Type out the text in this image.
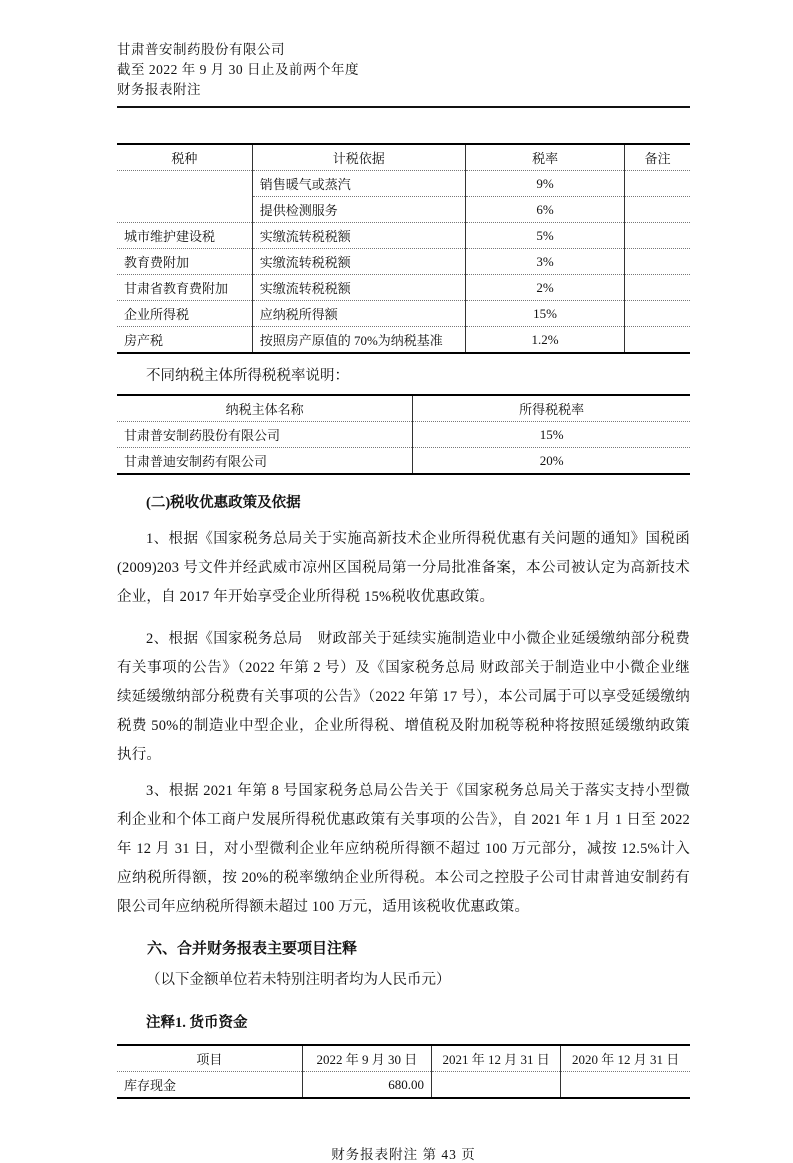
甘肃普安制药股份有限公司
截至 2022 年 9 月 30 日止及前两个年度
财务报表附注
税种	计税依据	税率	备注
	销售暖气或蒸汽	9%	
	提供检测服务	6%	
城市维护建设税	实缴流转税税额	5%	
教育费附加	实缴流转税税额	3%	
甘肃省教育费附加	实缴流转税税额	2%	
企业所得税	应纳税所得额	15%	
房产税	按照房产原值的 70%为纳税基准	1.2%	

不同纳税主体所得税税率说明：

纳税主体名称	所得税税率
甘肃普安制药股份有限公司	15%
甘肃普迪安制药有限公司	20%
(二)税收优惠政策及依据

1、根据《国家税务总局关于实施高新技术企业所得税优惠有关问题的通知》国税函(2009)203 号文件并经武威市凉州区国税局第一分局批准备案，本公司被认定为高新技术企业，自 2017 年开始享受企业所得税 15%税收优惠政策。

2、根据《国家税务总局　财政部关于延续实施制造业中小微企业延缓缴纳部分税费有关事项的公告》（2022 年第 2 号）及《国家税务总局 财政部关于制造业中小微企业继续延缓缴纳部分税费有关事项的公告》（2022 年第 17 号），本公司属于可以享受延缓缴纳税费 50%的制造业中型企业，企业所得税、增值税及附加税等税种将按照延缓缴纳政策执行。

3、根据 2021 年第 8 号国家税务总局公告关于《国家税务总局关于落实支持小型微利企业和个体工商户发展所得税优惠政策有关事项的公告》，自 2021 年 1 月 1 日至 2022 年 12 月 31 日，对小型微利企业年应纳税所得额不超过 100 万元部分，减按 12.5%计入应纳税所得额，按 20%的税率缴纳企业所得税。本公司之控股子公司甘肃普迪安制药有限公司年应纳税所得额未超过 100 万元，适用该税收优惠政策。

六、合并财务报表主要项目注释

（以下金额单位若未特别注明者均为人民币元）

注释1. 货币资金
项目	2022 年 9 月 30 日	2021 年 12 月 31 日	2020 年 12 月 31 日
库存现金	680.00		
财务报表附注 第 43 页
